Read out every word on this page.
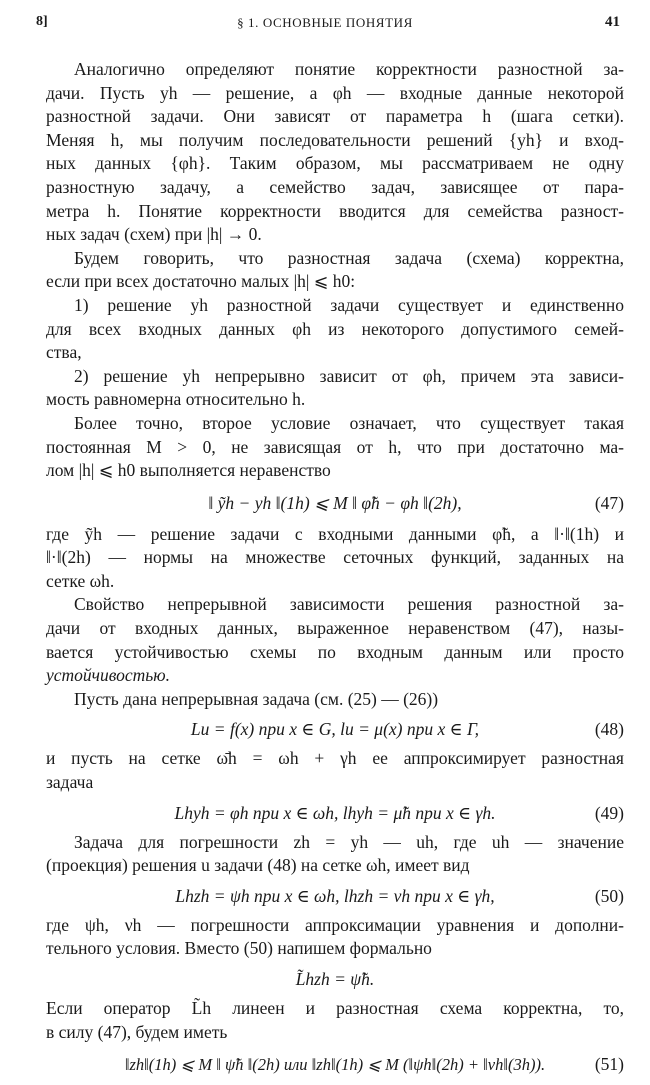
8]	§ 1. ОСНОВНЫЕ ПОНЯТИЯ	41
Аналогично определяют понятие корректности разностной за-
дачи. Пусть yh — решение, а φh — входные данные некоторой
разностной задачи. Они зависят от параметра h (шага сетки).
Меняя h, мы получим последовательности решений {yh} и вход-
ных данных {φh}. Таким образом, мы рассматриваем не одну
разностную задачу, а семейство задач, зависящее от пара-
метра h. Понятие корректности вводится для семейства разност-
ных задач (схем) при |h| → 0.
Будем говорить, что разностная задача (схема) корректна,
если при всех достаточно малых |h| ⩽ h0:
1) решение yh разностной задачи существует и единственно
для всех входных данных φh из некоторого допустимого семей-
ства,
2) решение yh непрерывно зависит от φh, причем эта зависи-
мость равномерна относительно h.
Более точно, второе условие означает, что существует такая
постоянная M > 0, не зависящая от h, что при достаточно ма-
лом |h| ⩽ h0 выполняется неравенство
‖ ỹh − yh ‖(1h) ⩽ M ‖ φ̃h − φh ‖(2h),	(47)
где ỹh — решение задачи с входными данными φ̃h, а ‖·‖(1h) и
‖·‖(2h) — нормы на множестве сеточных функций, заданных на
сетке ωh.
Свойство непрерывной зависимости решения разностной за-
дачи от входных данных, выраженное неравенством (47), назы-
вается устойчивостью схемы по входным данным или просто
устойчивостью.
Пусть дана непрерывная задача (см. (25) — (26))
Lu = f(x) при x ∈ G, lu = μ(x) при x ∈ Γ,	(48)
и пусть на сетке ω̄h = ωh + γh ее аппроксимирует разностная
задача
Lhyh = φh при x ∈ ωh, lhyh = μ̃h при x ∈ γh.	(49)
Задача для погрешности zh = yh — uh, где uh — значение
(проекция) решения u задачи (48) на сетке ωh, имеет вид
Lhzh = ψh при x ∈ ωh, lhzh = νh при x ∈ γh,	(50)
где ψh, νh — погрешности аппроксимации уравнения и дополни-
тельного условия. Вместо (50) напишем формально
L̃hzh = ψ̃h.
Если оператор L̃h линеен и разностная схема корректна, то,
в силу (47), будем иметь
‖zh‖(1h) ⩽ M ‖ ψ̃h ‖(2h) или ‖zh‖(1h) ⩽ M (‖ψh‖(2h) + ‖νh‖(3h)).	(51)
